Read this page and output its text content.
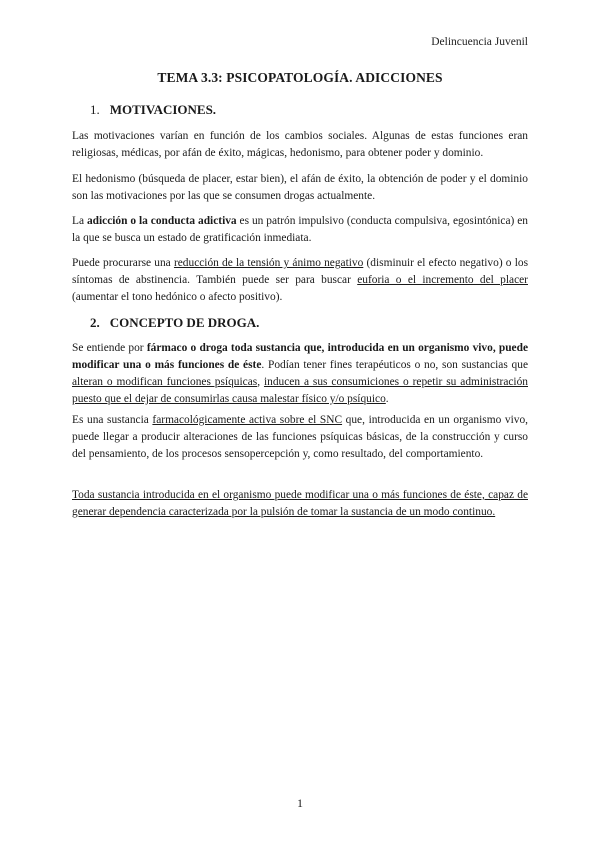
Delincuencia Juvenil
TEMA 3.3: PSICOPATOLOGÍA. ADICCIONES
1. MOTIVACIONES.

Las motivaciones varían en función de los cambios sociales. Algunas de estas funciones eran religiosas, médicas, por afán de éxito, mágicas, hedonismo, para obtener poder y dominio.

El hedonismo (búsqueda de placer, estar bien), el afán de éxito, la obtención de poder y el dominio son las motivaciones por las que se consumen drogas actualmente.

La adicción o la conducta adictiva es un patrón impulsivo (conducta compulsiva, egosintónica) en la que se busca un estado de gratificación inmediata.

Puede procurarse una reducción de la tensión y ánimo negativo (disminuir el efecto negativo) o los síntomas de abstinencia. También puede ser para buscar euforia o el incremento del placer (aumentar el tono hedónico o afecto positivo).

2. CONCEPTO DE DROGA.

Se entiende por fármaco o droga toda sustancia que, introducida en un organismo vivo, puede modificar una o más funciones de éste. Podían tener fines terapéuticos o no, son sustancias que alteran o modifican funciones psíquicas, inducen a sus consumiciones o repetir su administración puesto que el dejar de consumirlas causa malestar físico y/o psíquico.

Es una sustancia farmacológicamente activa sobre el SNC que, introducida en un organismo vivo, puede llegar a producir alteraciones de las funciones psíquicas básicas, de la construcción y curso del pensamiento, de los procesos sensopercepción y, como resultado, del comportamiento.

Toda sustancia introducida en el organismo puede modificar una o más funciones de éste, capaz de generar dependencia caracterizada por la pulsión de tomar la sustancia de un modo continuo.

1
